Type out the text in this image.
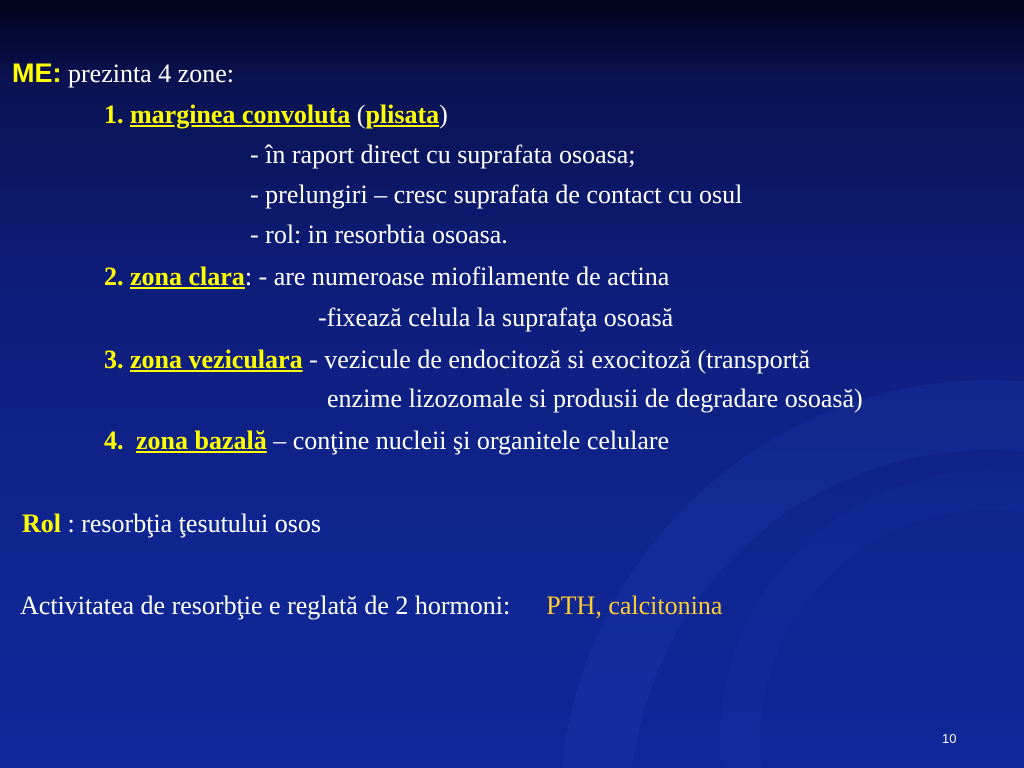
ME: prezinta 4 zone:
1. marginea convoluta (plisata)
- în raport direct cu suprafata osoasa;
- prelungiri – cresc suprafata de contact cu osul
- rol: in resorbtia osoasa.
2. zona clara: - are numeroase miofilamente de actina
-fixează celula la suprafaţa osoasă
3. zona veziculara - vezicule de endocitoză si exocitoză (transportă
enzime lizozomale si produsii de degradare osoasă)
4. zona bazală – conţine nucleii şi organitele celulare
Rol : resorbţia ţesutului osos
Activitatea de resorbţie e reglată de 2 hormoni: PTH, calcitonina
10
